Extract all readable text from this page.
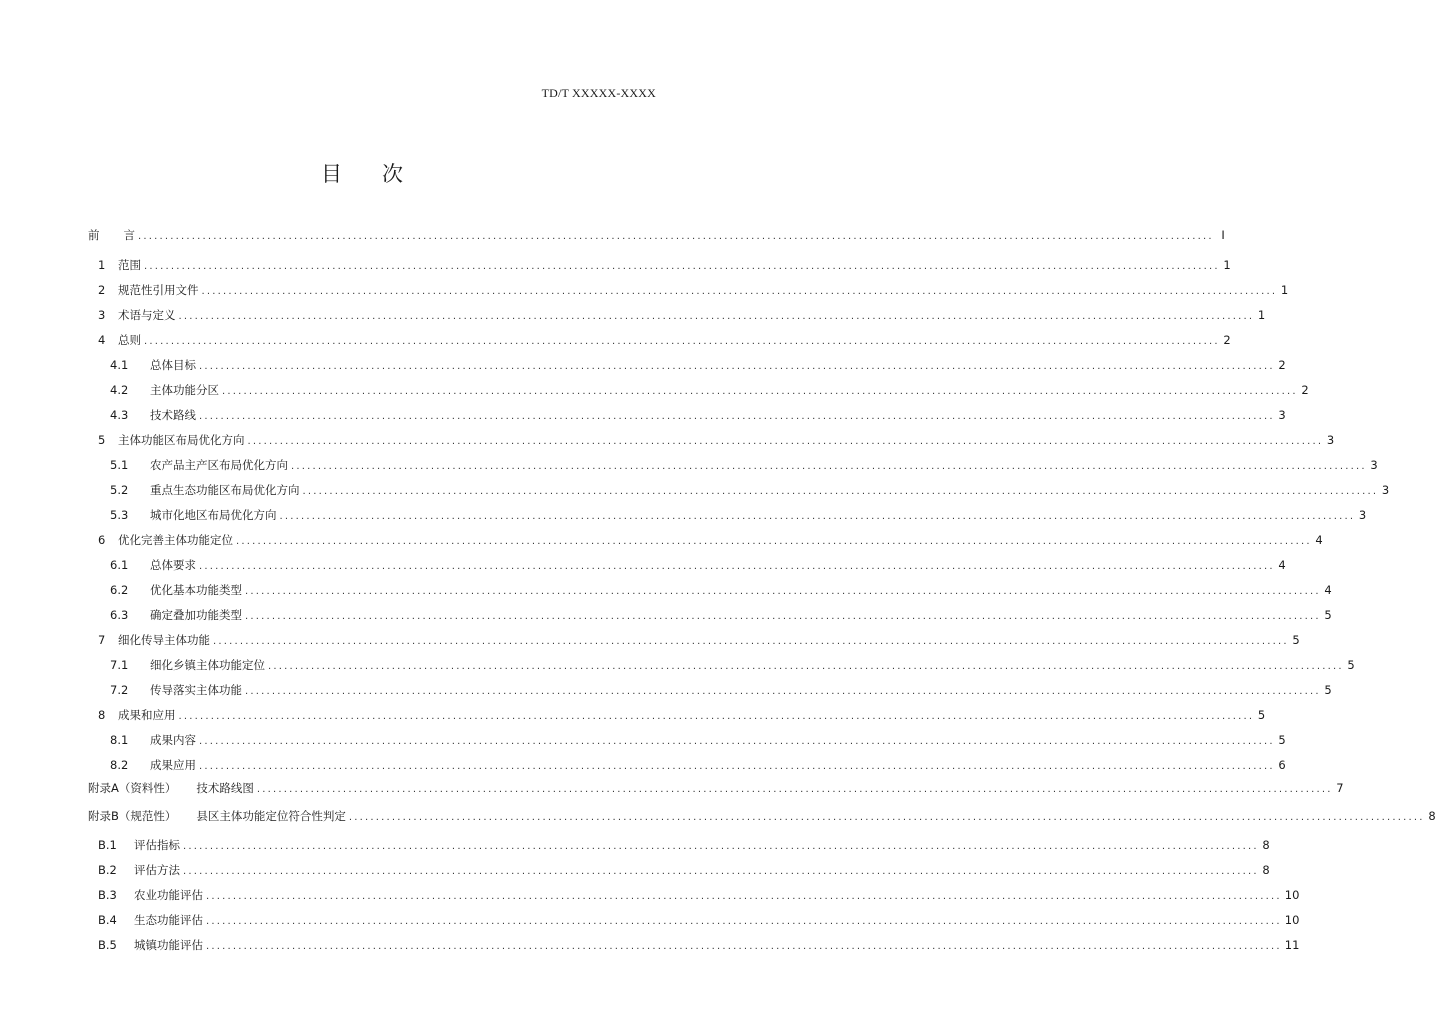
TD/T XXXXX-XXXX
目 次
前 言 ........................................................................................................................................................................................................ I
1 范围 ........................................................................................................................................................................................................ 1
2 规范性引用文件 ........................................................................................................................................................................................................ 1
3 术语与定义 ........................................................................................................................................................................................................ 1
4 总则 ........................................................................................................................................................................................................ 2
4.1 总体目标 ........................................................................................................................................................................................................ 2
4.2 主体功能分区 ........................................................................................................................................................................................................ 2
4.3 技术路线 ........................................................................................................................................................................................................ 3
5 主体功能区布局优化方向 ........................................................................................................................................................................................................ 3
5.1 农产品主产区布局优化方向 ........................................................................................................................................................................................................ 3
5.2 重点生态功能区布局优化方向 ........................................................................................................................................................................................................ 3
5.3 城市化地区布局优化方向 ........................................................................................................................................................................................................ 3
6 优化完善主体功能定位 ........................................................................................................................................................................................................ 4
6.1 总体要求 ........................................................................................................................................................................................................ 4
6.2 优化基本功能类型 ........................................................................................................................................................................................................ 4
6.3 确定叠加功能类型 ........................................................................................................................................................................................................ 5
7 细化传导主体功能 ........................................................................................................................................................................................................ 5
7.1 细化乡镇主体功能定位 ........................................................................................................................................................................................................ 5
7.2 传导落实主体功能 ........................................................................................................................................................................................................ 5
8 成果和应用 ........................................................................................................................................................................................................ 5
8.1 成果内容 ........................................................................................................................................................................................................ 5
8.2 成果应用 ........................................................................................................................................................................................................ 6
附录A（资料性） 技术路线图 ........................................................................................................................................................................................................ 7
附录B（规范性） 县区主体功能定位符合性判定 ........................................................................................................................................................................................................ 8
B.1 评估指标 ........................................................................................................................................................................................................ 8
B.2 评估方法 ........................................................................................................................................................................................................ 8
B.3 农业功能评估 ........................................................................................................................................................................................................ 10
B.4 生态功能评估 ........................................................................................................................................................................................................ 10
B.5 城镇功能评估 ........................................................................................................................................................................................................ 11
